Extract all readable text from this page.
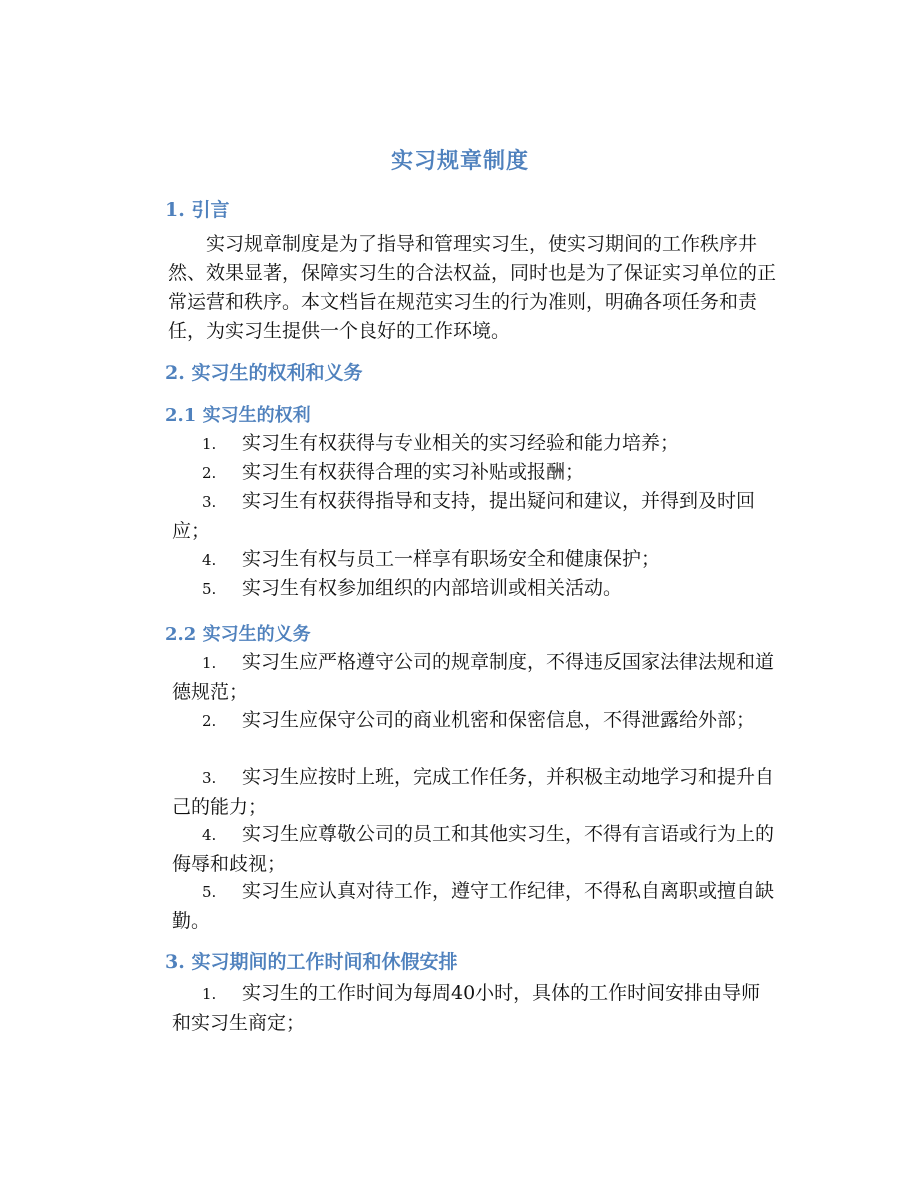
实习规章制度
1. 引言

　　实习规章制度是为了指导和管理实习生，使实习期间的工作秩序井然、效果显著，保障实习生的合法权益，同时也是为了保证实习单位的正常运营和秩序。本文档旨在规范实习生的行为准则，明确各项任务和责任，为实习生提供一个良好的工作环境。

2. 实习生的权利和义务
2.1 实习生的权利
1. 实习生有权获得与专业相关的实习经验和能力培养；
2. 实习生有权获得合理的实习补贴或报酬；
3. 实习生有权获得指导和支持，提出疑问和建议，并得到及时回应；
4. 实习生有权与员工一样享有职场安全和健康保护；
5. 实习生有权参加组织的内部培训或相关活动。
2.2 实习生的义务
1. 实习生应严格遵守公司的规章制度，不得违反国家法律法规和道德规范；
2. 实习生应保守公司的商业机密和保密信息，不得泄露给外部；
3. 实习生应按时上班，完成工作任务，并积极主动地学习和提升自己的能力；
4. 实习生应尊敬公司的员工和其他实习生，不得有言语或行为上的侮辱和歧视；
5. 实习生应认真对待工作，遵守工作纪律，不得私自离职或擅自缺勤。
3. 实习期间的工作时间和休假安排
1. 实习生的工作时间为每周40小时，具体的工作时间安排由导师和实习生商定；
